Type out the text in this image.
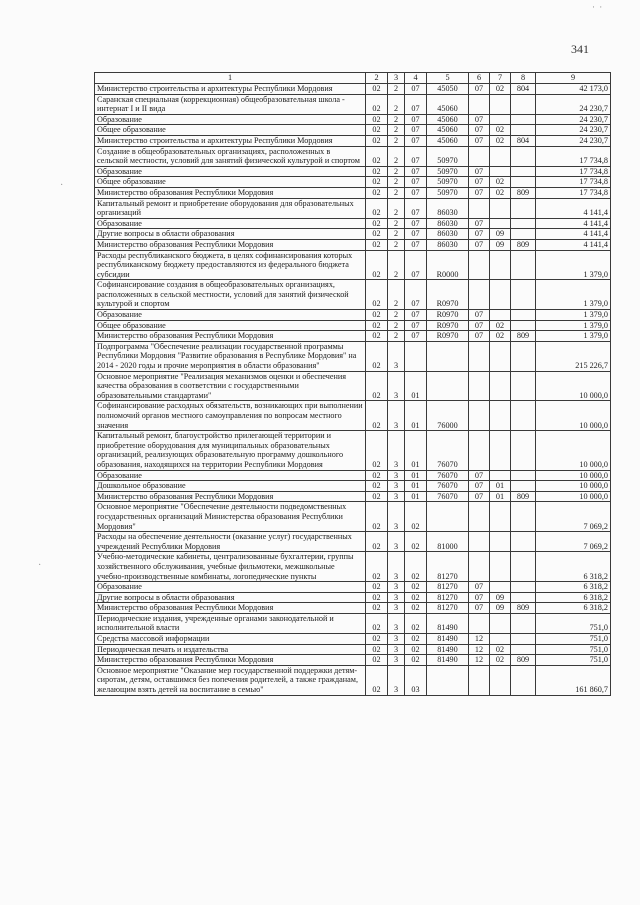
· ·
341
·
·
1	2	3	4	5	6	7	8	9
Министерство строительства и архитектуры Республики Мордовия	02	2	07	45050	07	02	804	42 173,0
Саранская специальная (коррекционная) общеобразовательная школа - интернат I и II вида	02	2	07	45060				24 230,7
Образование	02	2	07	45060	07			24 230,7
Общее образование	02	2	07	45060	07	02		24 230,7
Министерство строительства и архитектуры Республики Мордовия	02	2	07	45060	07	02	804	24 230,7
Создание в общеобразовательных организациях, расположенных в сельской местности, условий для занятий физической культурой и спортом	02	2	07	50970				17 734,8
Образование	02	2	07	50970	07			17 734,8
Общее образование	02	2	07	50970	07	02		17 734,8
Министерство образования Республики Мордовия	02	2	07	50970	07	02	809	17 734,8
Капитальный ремонт и приобретение оборудования для образовательных организаций	02	2	07	86030				4 141,4
Образование	02	2	07	86030	07			4 141,4
Другие вопросы в области образования	02	2	07	86030	07	09		4 141,4
Министерство образования Республики Мордовия	02	2	07	86030	07	09	809	4 141,4
Расходы республиканского бюджета, в целях софинансирования которых республиканскому бюджету предоставляются из федерального бюджета субсидии	02	2	07	R0000				1 379,0
Софинансирование создания в общеобразовательных организациях, расположенных в сельской местности, условий для занятий физической культурой и спортом	02	2	07	R0970				1 379,0
Образование	02	2	07	R0970	07			1 379,0
Общее образование	02	2	07	R0970	07	02		1 379,0
Министерство образования Республики Мордовия	02	2	07	R0970	07	02	809	1 379,0
Подпрограмма "Обеспечение реализации государственной программы Республики Мордовия "Развитие образования в Республике Мордовия" на 2014 - 2020 годы и прочие мероприятия в области образования"	02	3						215 226,7
Основное мероприятие "Реализация механизмов оценки и обеспечения качества образования в соответствии с государственными образовательными стандартами"	02	3	01					10 000,0
Софинансирование расходных обязательств, возникающих при выполнении полномочий органов местного самоуправления по вопросам местного значения	02	3	01	76000				10 000,0
Капитальный ремонт, благоустройство прилегающей территории и приобретение оборудования для муниципальных образовательных организаций, реализующих образовательную программу дошкольного образования, находящихся на территории Республики Мордовия	02	3	01	76070				10 000,0
Образование	02	3	01	76070	07			10 000,0
Дошкольное образование	02	3	01	76070	07	01		10 000,0
Министерство образования Республики Мордовия	02	3	01	76070	07	01	809	10 000,0
Основное мероприятие "Обеспечение деятельности подведомственных государственных организаций Министерства образования Республики Мордовия"	02	3	02					7 069,2
Расходы на обеспечение деятельности (оказание услуг) государственных учреждений Республики Мордовия	02	3	02	81000				7 069,2
Учебно-методические кабинеты, централизованные бухгалтерии, группы хозяйственного обслуживания, учебные фильмотеки, межшкольные учебно-производственные комбинаты, логопедические пункты	02	3	02	81270				6 318,2
Образование	02	3	02	81270	07			6 318,2
Другие вопросы в области образования	02	3	02	81270	07	09		6 318,2
Министерство образования Республики Мордовия	02	3	02	81270	07	09	809	6 318,2
Периодические издания, учрежденные органами законодательной и исполнительной власти	02	3	02	81490				751,0
Средства массовой информации	02	3	02	81490	12			751,0
Периодическая печать и издательства	02	3	02	81490	12	02		751,0
Министерство образования Республики Мордовия	02	3	02	81490	12	02	809	751,0
Основное мероприятие "Оказание мер государственной поддержки детям-сиротам, детям, оставшимся без попечения родителей, а также гражданам, желающим взять детей на воспитание в семью"	02	3	03					161 860,7
